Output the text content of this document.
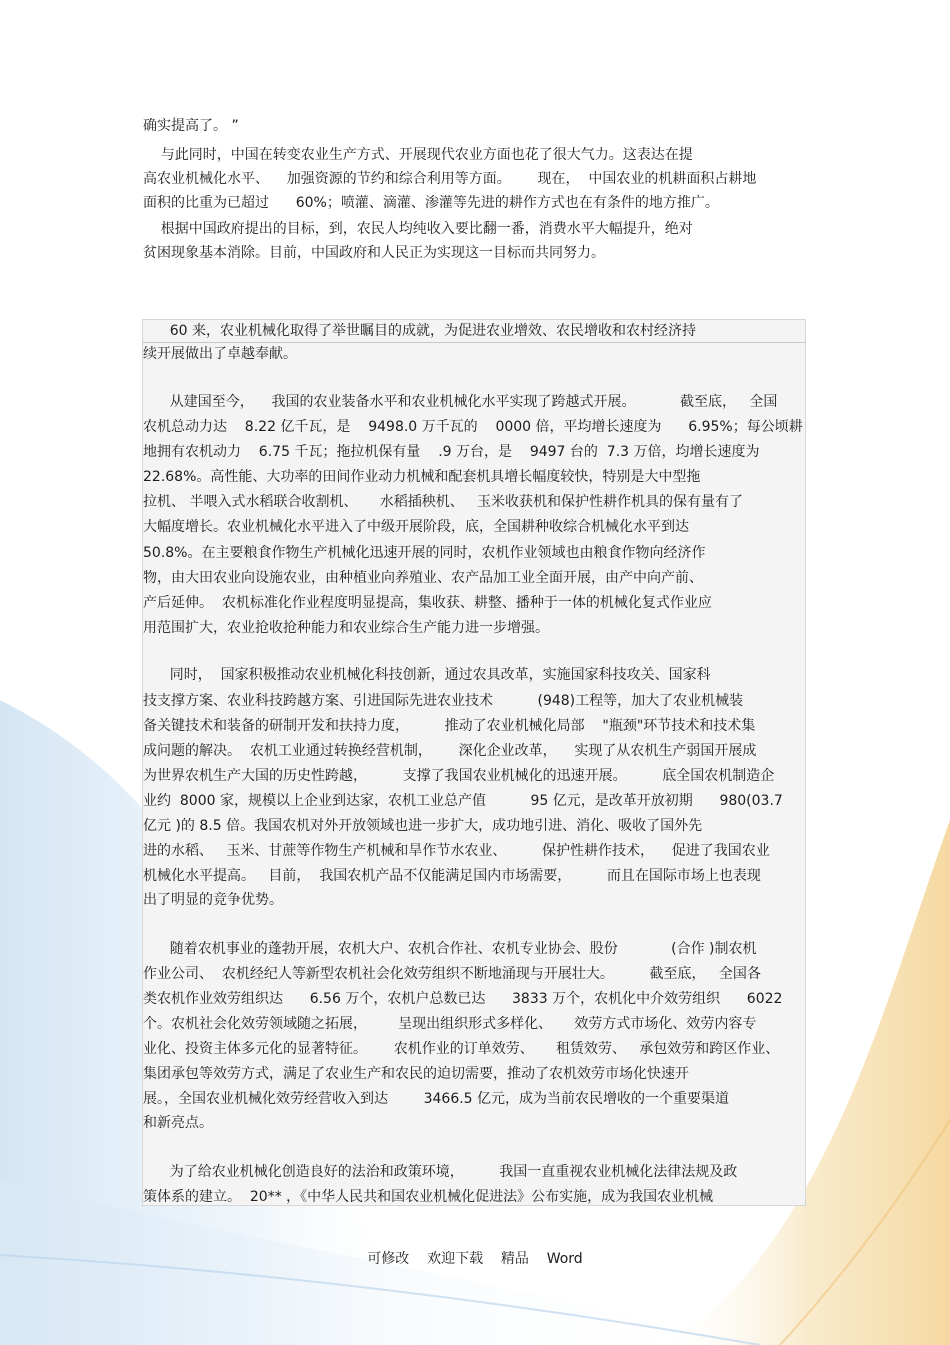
确实提高了。 ”
与此同时，中国在转变农业生产方式、开展现代农业方面也花了很大气力。这表达在提
高农业机械化水平、    加强资源的节约和综合利用等方面。      现在，  中国农业的机耕面积占耕地
面积的比重为已超过      60%；喷灌、滴灌、渗灌等先进的耕作方式也在有条件的地方推广。
根据中国政府提出的目标，到，农民人均纯收入要比翻一番，消费水平大幅提升，绝对
贫困现象基本消除。目前，中国政府和人民正为实现这一目标而共同努力。
60 来，农业机械化取得了举世瞩目的成就，为促进农业增效、农民增收和农村经济持
续开展做出了卓越奉献。
从建国至今，    我国的农业装备水平和农业机械化水平实现了跨越式开展。          截至底，   全国
农机总动力达    8.22 亿千瓦，是    9498.0 万千瓦的    0000 倍，平均增长速度为      6.95%；每公顷耕
地拥有农机动力    6.75 千瓦；拖拉机保有量    .9 万台，是    9497 台的  7.3 万倍，均增长速度为
22.68%。高性能、大功率的田间作业动力机械和配套机具增长幅度较快，特别是大中型拖
拉机、 半喂入式水稻联合收割机、     水稻插秧机、   玉米收获机和保护性耕作机具的保有量有了
大幅度增长。农业机械化水平进入了中级开展阶段，底，全国耕种收综合机械化水平到达
50.8%。在主要粮食作物生产机械化迅速开展的同时，农机作业领域也由粮食作物向经济作
物，由大田农业向设施农业，由种植业向养殖业、农产品加工业全面开展，由产中向产前、
产后延伸。  农机标准化作业程度明显提高，集收获、耕整、播种于一体的机械化复式作业应
用范围扩大，农业抢收抢种能力和农业综合生产能力进一步增强。
同时，  国家积极推动农业机械化科技创新，通过农具改革，实施国家科技攻关、国家科
技支撑方案、农业科技跨越方案、引进国际先进农业技术          (948)工程等，加大了农业机械装
备关键技术和装备的研制开发和扶持力度，        推动了农业机械化局部    "瓶颈"环节技术和技术集
成问题的解决。  农机工业通过转换经营机制，      深化企业改革，    实现了从农机生产弱国开展成
为世界农机生产大国的历史性跨越，        支撑了我国农业机械化的迅速开展。        底全国农机制造企
业约  8000 家，规模以上企业到达家，农机工业总产值          95 亿元，是改革开放初期      980(03.7
亿元 )的 8.5 倍。我国农机对外开放领域也进一步扩大，成功地引进、消化、吸收了国外先
进的水稻、   玉米、甘蔗等作物生产机械和旱作节水农业、        保护性耕作技术，    促进了我国农业
机械化水平提高。   目前，  我国农机产品不仅能满足国内市场需要，        而且在国际市场上也表现
出了明显的竞争优势。
随着农机事业的蓬勃开展，农机大户、农机合作社、农机专业协会、股份            (合作 )制农机
作业公司、  农机经纪人等新型农机社会化效劳组织不断地涌现与开展壮大。        截至底，   全国各
类农机作业效劳组织达      6.56 万个，农机户总数已达      3833 万个，农机化中介效劳组织      6022
个。农机社会化效劳领域随之拓展，       呈现出组织形式多样化、     效劳方式市场化、效劳内容专
业化、投资主体多元化的显著特征。      农机作业的订单效劳、     租赁效劳、   承包效劳和跨区作业、
集团承包等效劳方式，满足了农业生产和农民的迫切需要，推动了农机效劳市场化快速开
展。，全国农业机械化效劳经营收入到达        3466.5 亿元，成为当前农民增收的一个重要渠道
和新亮点。
为了给农业机械化创造良好的法治和政策环境，        我国一直重视农业机械化法律法规及政
策体系的建立。  20** ，《中华人民共和国农业机械化促进法》公布实施，成为我国农业机械
可修改    欢迎下载    精品    Word
